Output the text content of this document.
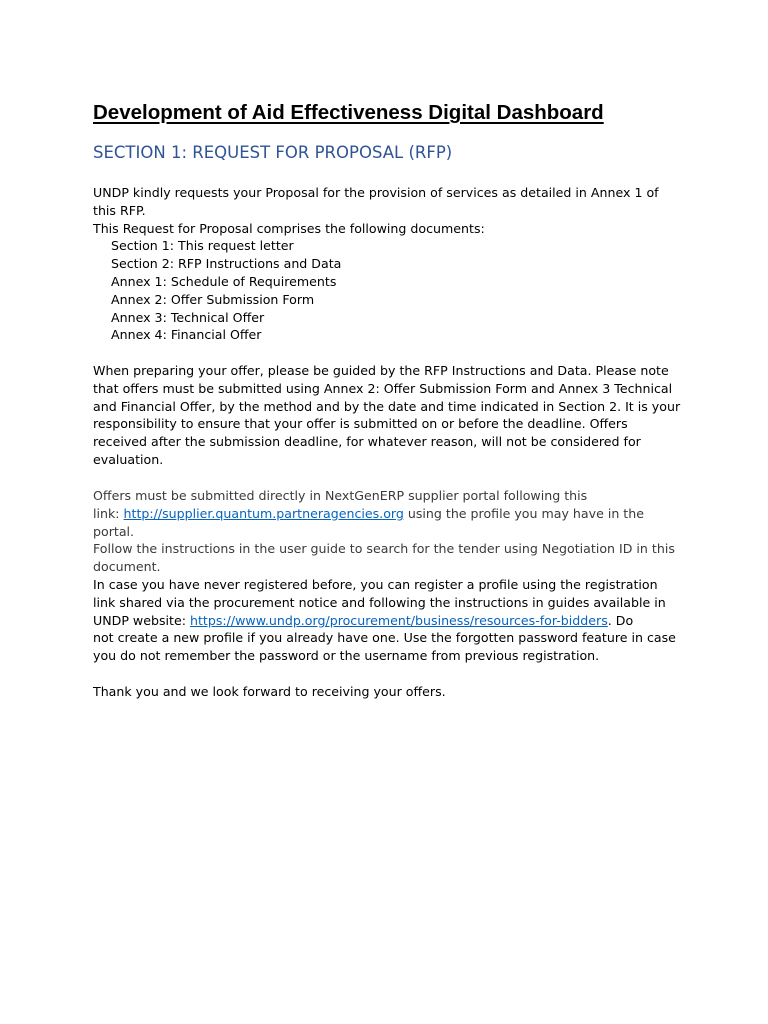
Development of Aid Effectiveness Digital Dashboard
SECTION 1: REQUEST FOR PROPOSAL (RFP)
UNDP kindly requests your Proposal for the provision of services as detailed in Annex 1 of
this RFP.
This Request for Proposal comprises the following documents:
Section 1: This request letter
Section 2: RFP Instructions and Data
Annex 1: Schedule of Requirements
Annex 2: Offer Submission Form
Annex 3: Technical Offer
Annex 4: Financial Offer
When preparing your offer, please be guided by the RFP Instructions and Data. Please note
that offers must be submitted using Annex 2: Offer Submission Form and Annex 3 Technical
and Financial Offer, by the method and by the date and time indicated in Section 2. It is your
responsibility to ensure that your offer is submitted on or before the deadline. Offers
received after the submission deadline, for whatever reason, will not be considered for
evaluation.
Offers must be submitted directly in NextGenERP supplier portal following this
link: http://supplier.quantum.partneragencies.org using the profile you may have in the
portal.
Follow the instructions in the user guide to search for the tender using Negotiation ID in this
document.
In case you have never registered before, you can register a profile using the registration
link shared via the procurement notice and following the instructions in guides available in
UNDP website: https://www.undp.org/procurement/business/resources-for-bidders. Do
not create a new profile if you already have one. Use the forgotten password feature in case
you do not remember the password or the username from previous registration.
Thank you and we look forward to receiving your offers.
